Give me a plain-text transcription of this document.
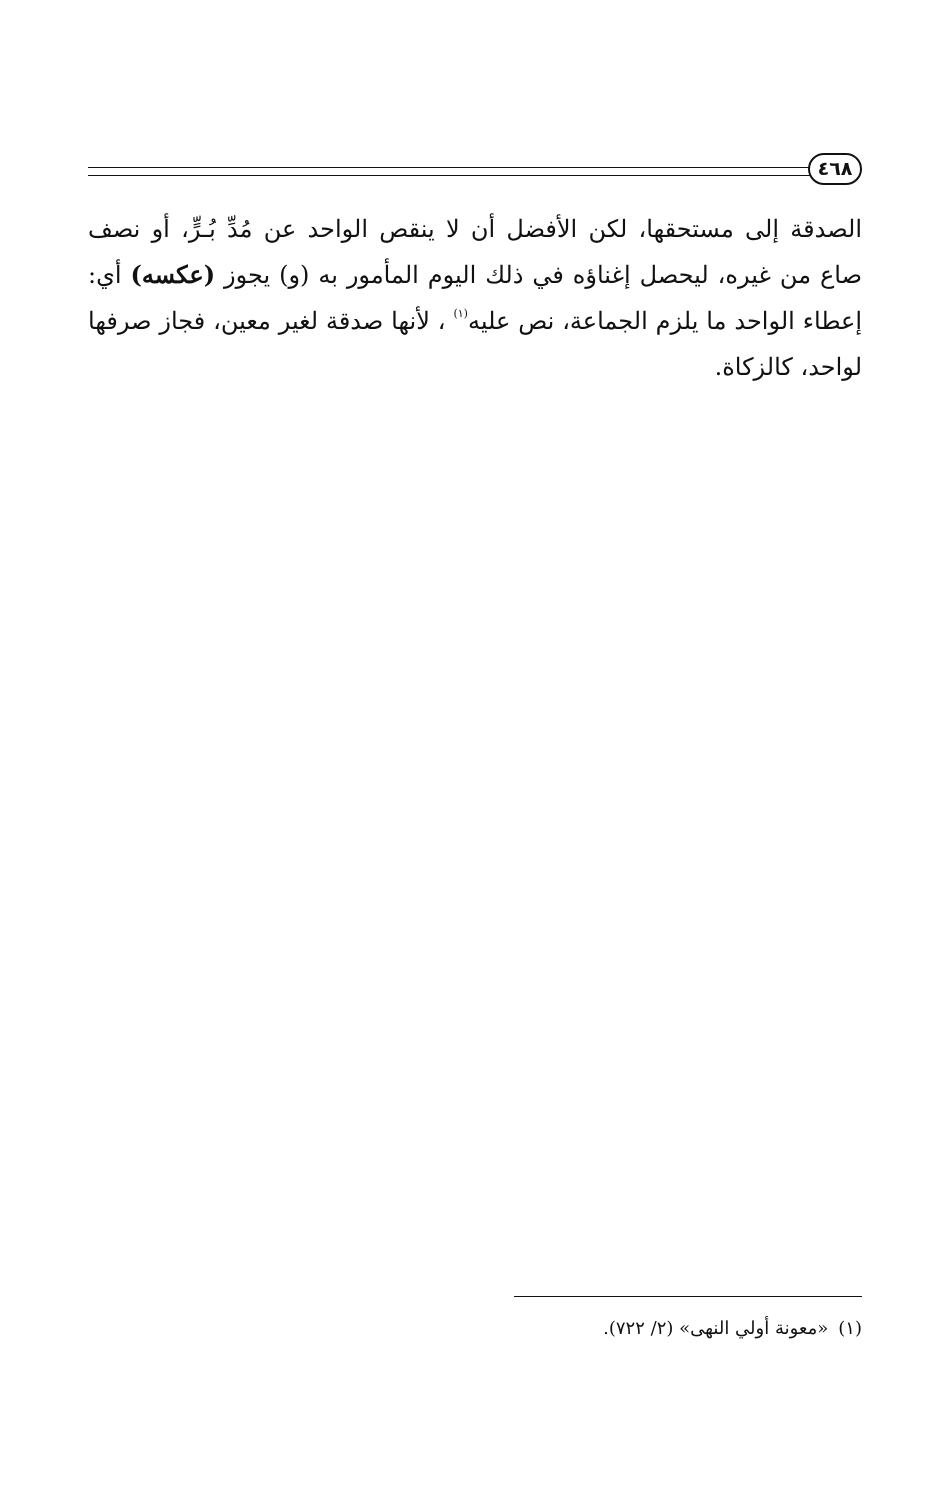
٤٦٨

الصدقة إلى مستحقها، لكن الأفضل أن لا ينقص الواحد عن مُدِّ بُـرٍّ، أو نصف صاع من غيره، ليحصل إغناؤه في ذلك اليوم المأمور به (و) يجوز (عكسه) أي: إعطاء الواحد ما يلزم الجماعة، نص عليه$^{(١)}$ ، لأنها صدقة لغير معين، فجاز صرفها لواحد، كالزكاة.

(١)«معونة أولي النهى» (٢/ ٧٢٢).
